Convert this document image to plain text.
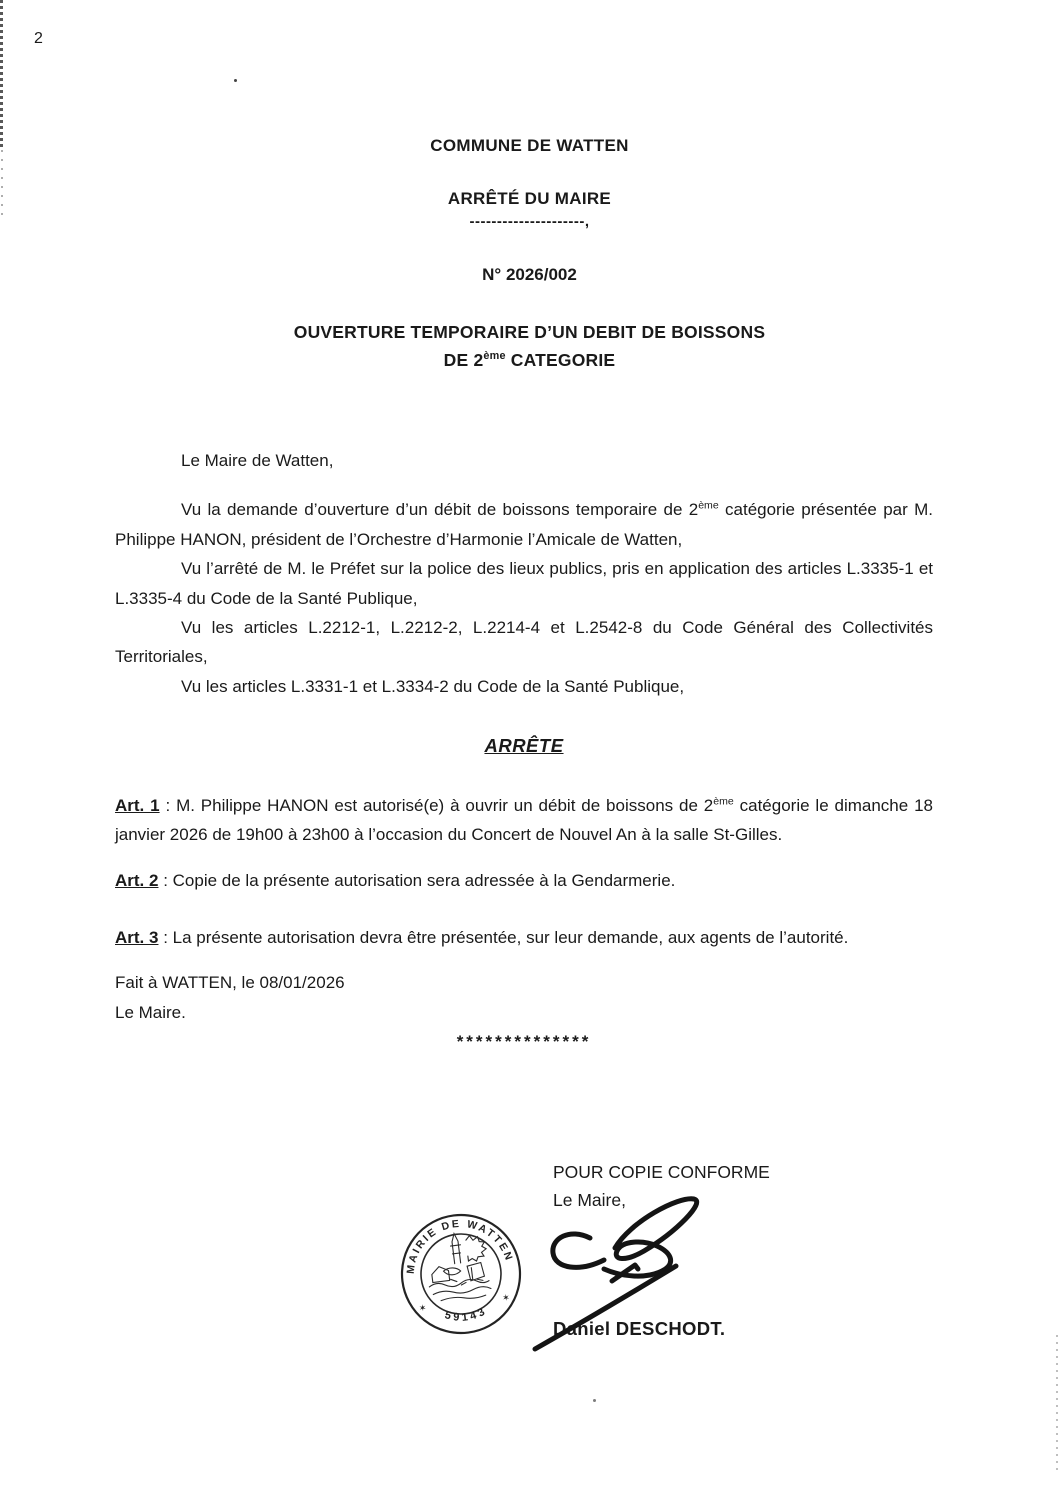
2
COMMUNE DE WATTEN
ARRÊTÉ DU MAIRE
---------------------,
N° 2026/002
OUVERTURE TEMPORAIRE D’UN DEBIT DE BOISSONS
DE 2ème CATEGORIE

Le Maire de Watten,

Vu la demande d’ouverture d’un débit de boissons temporaire de 2ème catégorie présentée par M. Philippe HANON, président de l’Orchestre d’Harmonie l’Amicale de Watten,

Vu l’arrêté de M. le Préfet sur la police des lieux publics, pris en application des articles L.3335-1 et L.3335-4 du Code de la Santé Publique,

Vu les articles L.2212-1, L.2212-2, L.2214-4 et L.2542-8 du Code Général des Collectivités Territoriales,

Vu les articles L.3331-1 et L.3334-2 du Code de la Santé Publique,

ARRÊTE

Art. 1 : M. Philippe HANON est autorisé(e) à ouvrir un débit de boissons de 2ème catégorie le dimanche 18 janvier 2026 de 19h00 à 23h00 à l’occasion du Concert de Nouvel An à la salle St-Gilles.

Art. 2 : Copie de la présente autorisation sera adressée à la Gendarmerie.

Art. 3 : La présente autorisation devra être présentée, sur leur demande, aux agents de l’autorité.

Fait à WATTEN, le 08/01/2026

Le Maire.

**************

POUR COPIE CONFORME
Le Maire,
Daniel DESCHODT.
MAIRIE DE WATTEN
59143
✶
✶
